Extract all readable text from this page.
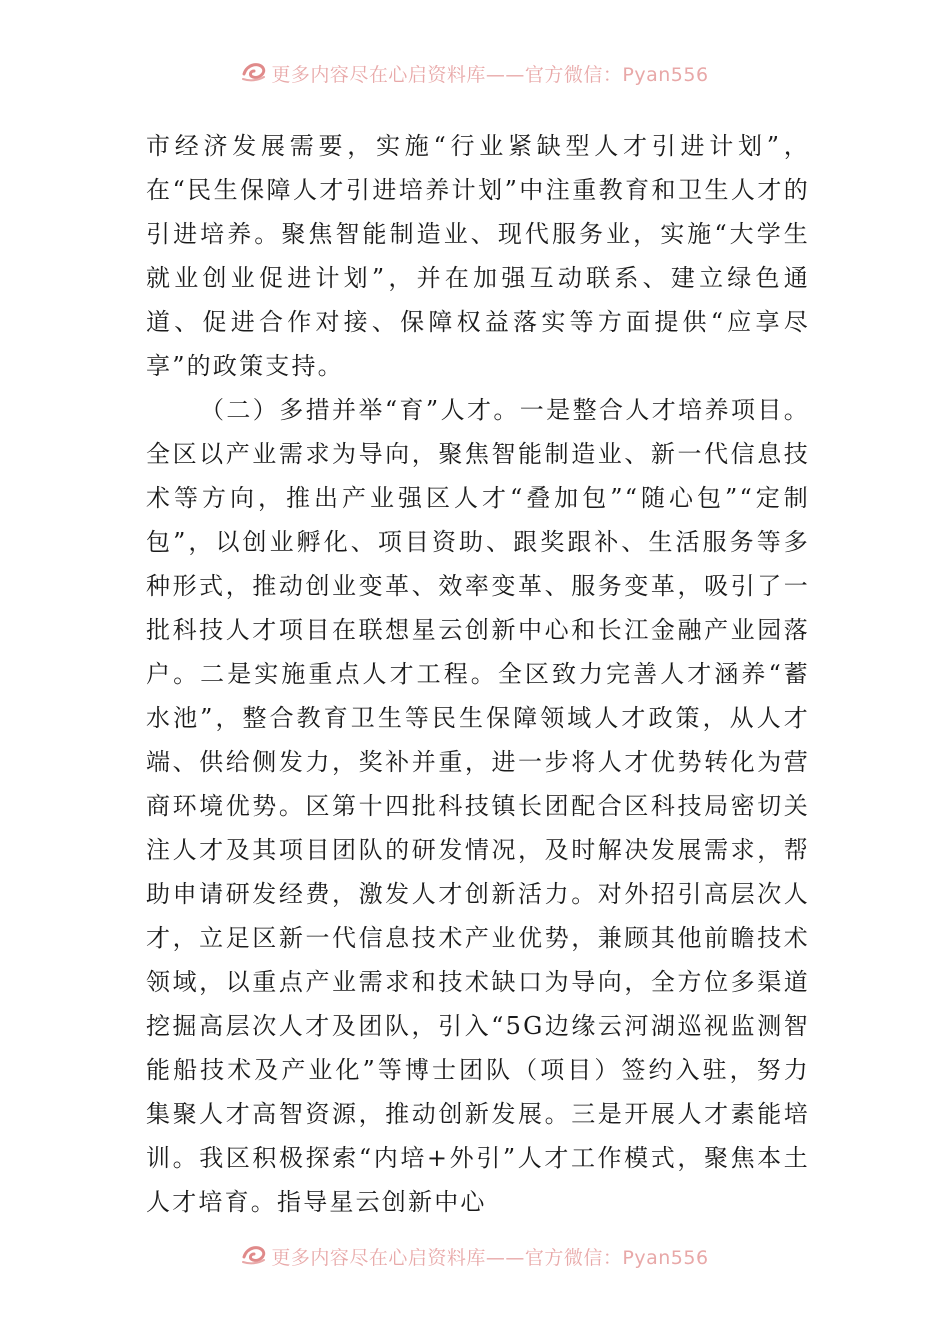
更多内容尽在心启资料库——官方微信：Pyan556

市经济发展需要，实施“行业紧缺型人才引进计划”，在“民生保障人才引进培养计划”中注重教育和卫生人才的引进培养。聚焦智能制造业、现代服务业，实施“大学生就业创业促进计划”，并在加强互动联系、建立绿色通道、促进合作对接、保障权益落实等方面提供“应享尽享”的政策支持。

（二）多措并举“育”人才。一是整合人才培养项目。全区以产业需求为导向，聚焦智能制造业、新一代信息技术等方向，推出产业强区人才“叠加包”“随心包”“定制包”，以创业孵化、项目资助、跟奖跟补、生活服务等多种形式，推动创业变革、效率变革、服务变革，吸引了一批科技人才项目在联想星云创新中心和长江金融产业园落户。二是实施重点人才工程。全区致力完善人才涵养“蓄水池”，整合教育卫生等民生保障领域人才政策，从人才端、供给侧发力，奖补并重，进一步将人才优势转化为营商环境优势。区第十四批科技镇长团配合区科技局密切关注人才及其项目团队的研发情况，及时解决发展需求，帮助申请研发经费，激发人才创新活力。对外招引高层次人才，立足区新一代信息技术产业优势，兼顾其他前瞻技术领域，以重点产业需求和技术缺口为导向，全方位多渠道挖掘高层次人才及团队，引入“5G边缘云河湖巡视监测智能船技术及产业化”等博士团队（项目）签约入驻，努力集聚人才高智资源，推动创新发展。三是开展人才素能培训。我区积极探索“内培+外引”人才工作模式，聚焦本土人才培育。指导星云创新中心

更多内容尽在心启资料库——官方微信：Pyan556
